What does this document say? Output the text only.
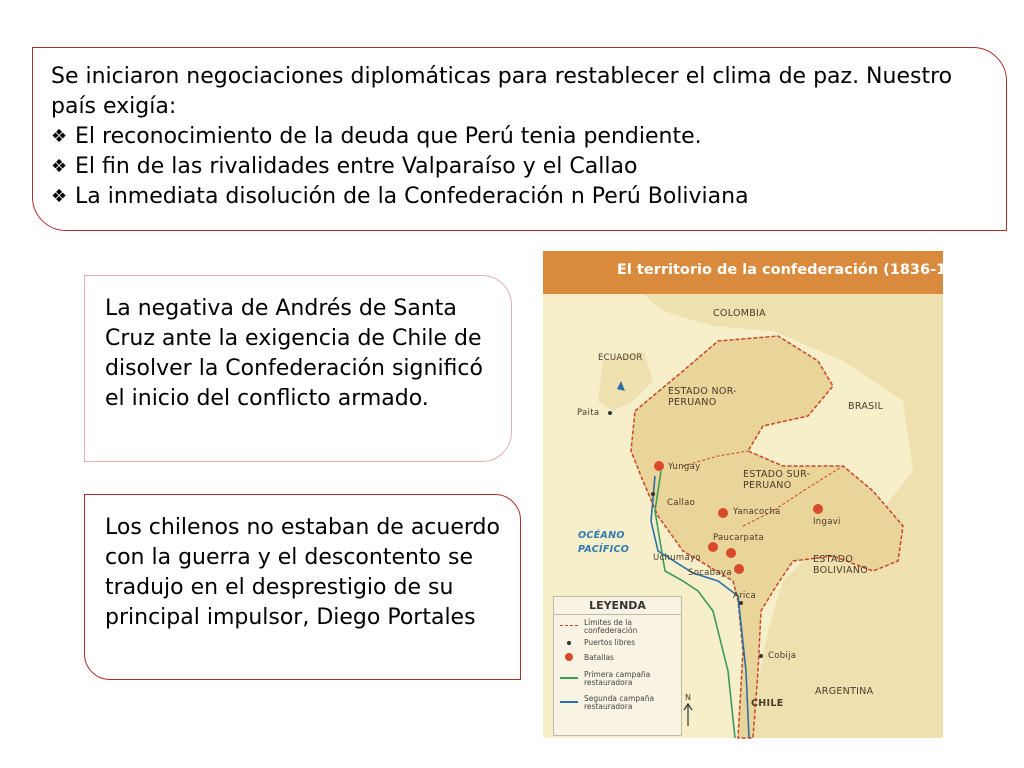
Se iniciaron negociaciones diplomáticas para restablecer el clima de paz. Nuestro país exigía:

❖ El reconocimiento de la deuda que Perú tenia pendiente.
❖ El fin de las rivalidades entre Valparaíso y el Callao
❖ La inmediata disolución de la Confederación n Perú Boliviana

La negativa de Andrés de Santa Cruz ante la exigencia de Chile de disolver la Confederación significó el inicio del conflicto armado.

Los chilenos no estaban de acuerdo con la guerra y el descontento se tradujo en el desprestigio de su principal impulsor, Diego Portales

El territorio de la confederación (1836-1839)
COLOMBIA
ECUADOR
ESTADO NOR-PERUANO	BRASIL
ESTADO SUR-PERUANO
ESTADO BOLIVIANO
OCÉANO PACÍFICO
ARGENTINA
CHILE
Paita
Yungay
Callao
Yanacocha
Ingavi
Paucarpata
Uchumayo
Socabaya
Arica
Cobija
N
LEYENDA
Límites de la confederación
Puertos libres
Batallas
Primera campaña restauradora
Segunda campaña restauradora
